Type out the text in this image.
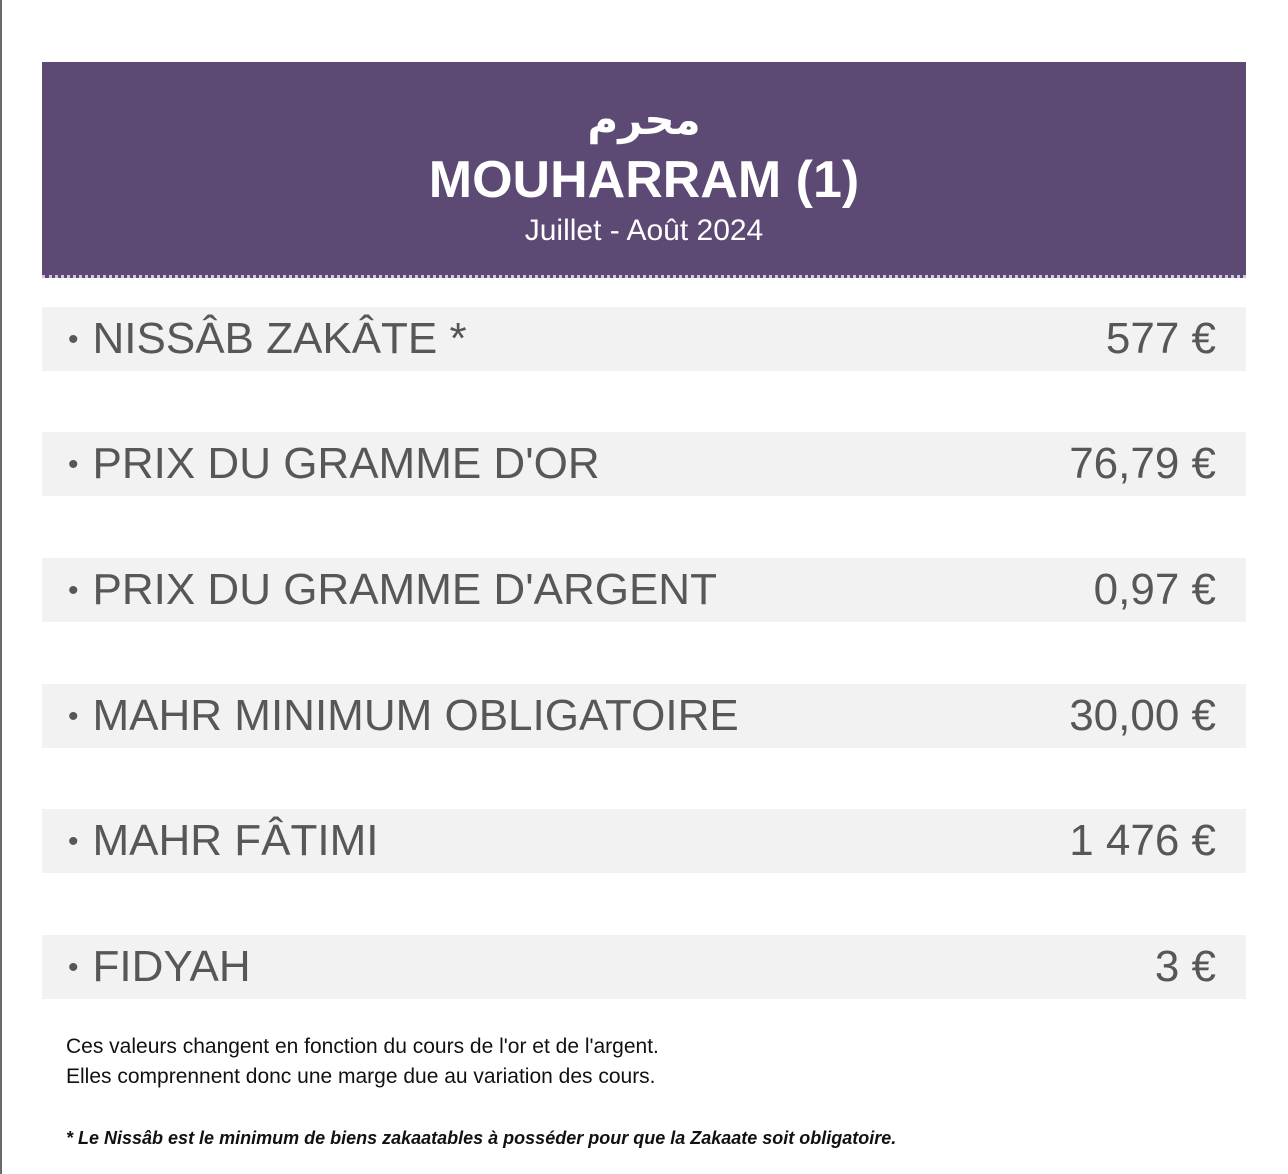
محرم
MOUHARRAM (1)
Juillet - Août 2024
• NISSÂB ZAKÂTE *	577 €
• PRIX DU GRAMME D'OR	76,79 €
• PRIX DU GRAMME D'ARGENT	0,97 €
• MAHR MINIMUM OBLIGATOIRE	30,00 €
• MAHR FÂTIMI	1 476 €
• FIDYAH	3 €
Ces valeurs changent en fonction du cours de l'or et de l'argent.
Elles comprennent donc une marge due au variation des cours.
* Le Nissâb est le minimum de biens zakaatables à posséder pour que la Zakaate soit obligatoire.
